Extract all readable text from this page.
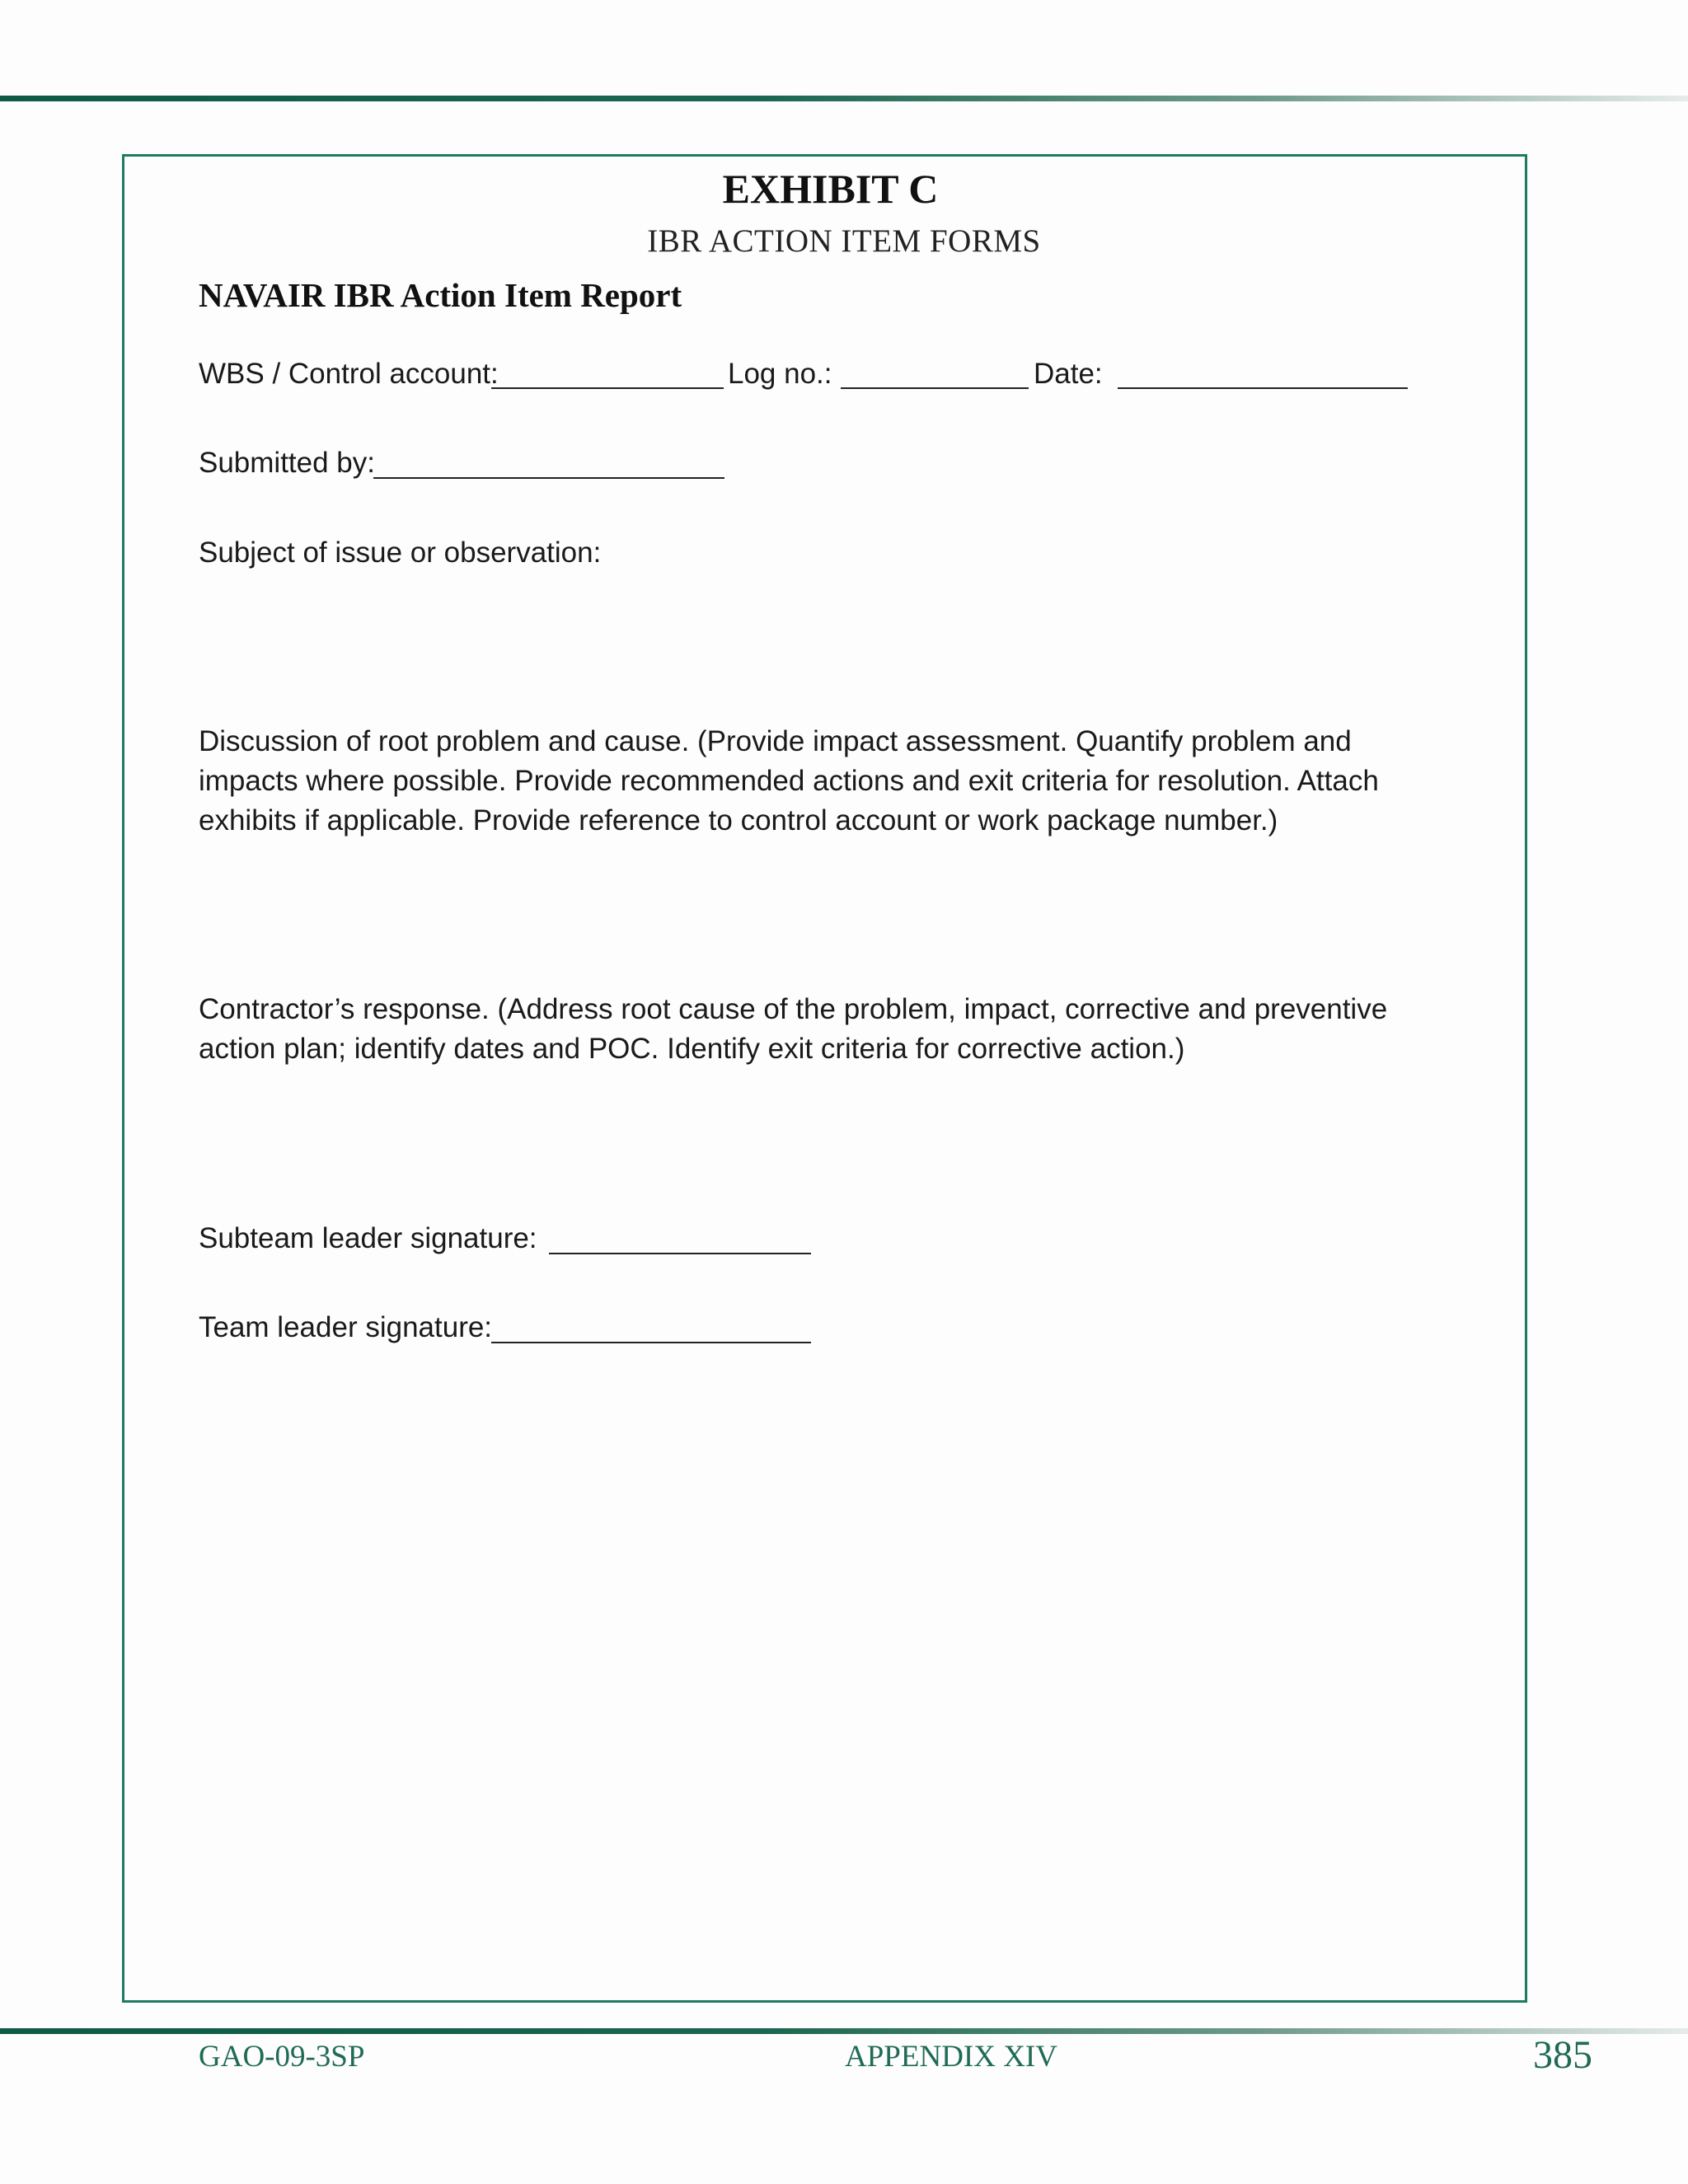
EXHIBIT C
IBR ACTION ITEM FORMS
NAVAIR IBR Action Item Report
WBS / Control account:	Log no.:	Date:
Submitted by:
Subject of issue or observation:
Discussion of root problem and cause. (Provide impact assessment. Quantify problem and impacts where possible. Provide recommended actions and exit criteria for resolution. Attach exhibits if applicable. Provide reference to control account or work package number.)
Contractor’s response. (Address root cause of the problem, impact, corrective and preventive action plan; identify dates and POC. Identify exit criteria for corrective action.)
Subteam leader signature:
Team leader signature:
GAO-09-3SP	APPENDIX XIV	385
